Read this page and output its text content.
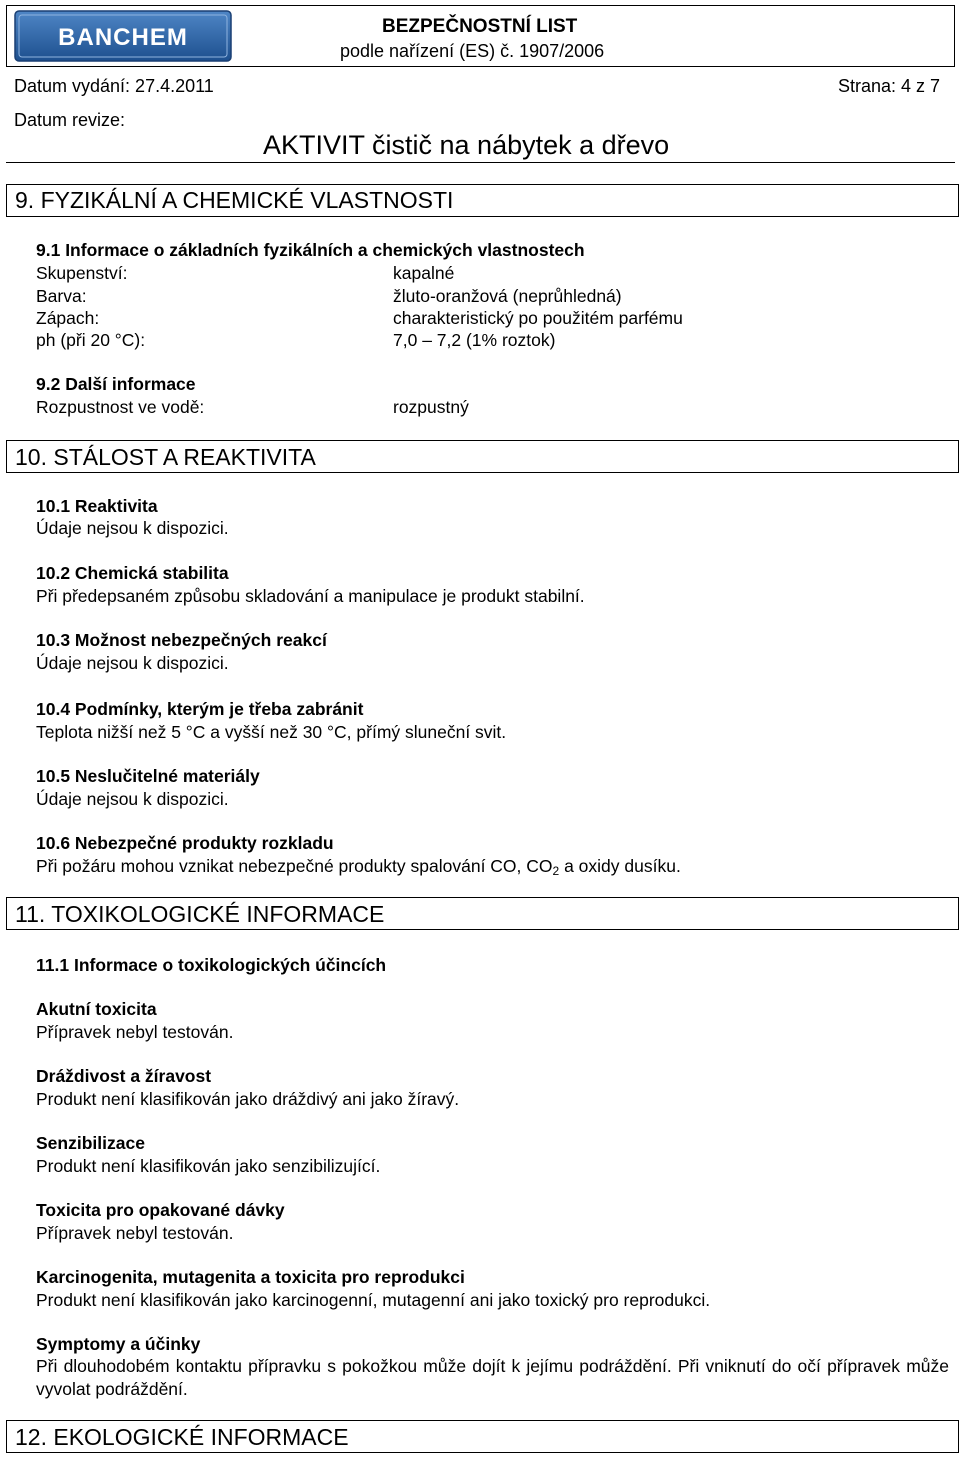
BANCHEM	BEZPEČNOSTNÍ LIST
podle nařízení (ES) č. 1907/2006
Datum vydání: 27.4.2011	Strana: 4 z 7
Datum revize:
AKTIVIT čistič na nábytek a dřevo
9. FYZIKÁLNÍ A CHEMICKÉ VLASTNOSTI
9.1 Informace o základních fyzikálních a chemických vlastnostech
Skupenství:	kapalné
Barva:	žluto-oranžová (neprůhledná)
Zápach:	charakteristický po použitém parfému
ph (při 20 °C):	7,0 – 7,2 (1% roztok)
9.2 Další informace
Rozpustnost ve vodě:	rozpustný
10. STÁLOST A REAKTIVITA
10.1 Reaktivita
Údaje nejsou k dispozici.
10.2 Chemická stabilita
Při předepsaném způsobu skladování a manipulace je produkt stabilní.
10.3 Možnost nebezpečných reakcí
Údaje nejsou k dispozici.
10.4 Podmínky, kterým je třeba zabránit
Teplota nižší než 5 °C a vyšší než 30 °C, přímý sluneční svit.
10.5 Neslučitelné materiály
Údaje nejsou k dispozici.
10.6 Nebezpečné produkty rozkladu
Při požáru mohou vznikat nebezpečné produkty spalování CO, $CO_2$ a oxidy dusíku.
11. TOXIKOLOGICKÉ INFORMACE
11.1 Informace o toxikologických účincích
Akutní toxicita
Přípravek nebyl testován.
Dráždivost a žíravost
Produkt není klasifikován jako dráždivý ani jako žíravý.
Senzibilizace
Produkt není klasifikován jako senzibilizující.
Toxicita pro opakované dávky
Přípravek nebyl testován.
Karcinogenita, mutagenita a toxicita pro reprodukci
Produkt není klasifikován jako karcinogenní, mutagenní ani jako toxický pro reprodukci.
Symptomy a účinky
Při dlouhodobém kontaktu přípravku s pokožkou může dojít k jejímu podráždění. Při vniknutí do očí přípravek může vyvolat podráždění.
12. EKOLOGICKÉ INFORMACE
